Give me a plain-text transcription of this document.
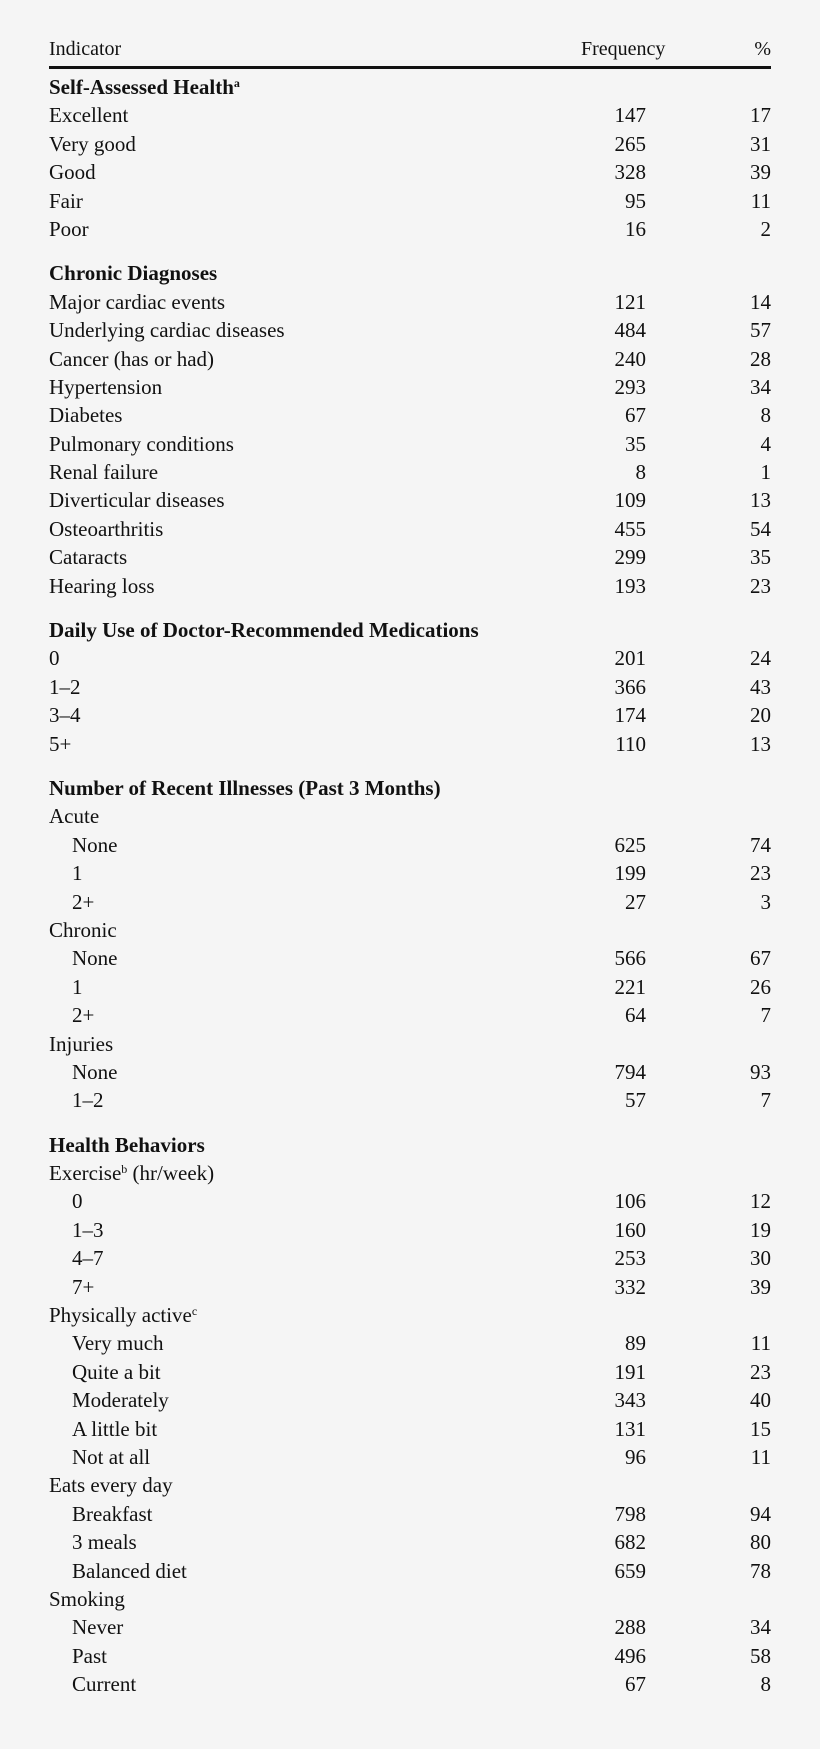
Indicator	Frequency	%
Self-Assessed Health$^a$
Excellent	147	17
Very good	265	31
Good	328	39
Fair	95	11
Poor	16	2
Chronic Diagnoses
Major cardiac events	121	14
Underlying cardiac diseases	484	57
Cancer (has or had)	240	28
Hypertension	293	34
Diabetes	67	8
Pulmonary conditions	35	4
Renal failure	8	1
Diverticular diseases	109	13
Osteoarthritis	455	54
Cataracts	299	35
Hearing loss	193	23
Daily Use of Doctor-Recommended Medications
0	201	24
1–2	366	43
3–4	174	20
5+	110	13
Number of Recent Illnesses (Past 3 Months)
Acute
None	625	74
1	199	23
2+	27	3
Chronic
None	566	67
1	221	26
2+	64	7
Injuries
None	794	93
1–2	57	7
Health Behaviors
Exercise$^b$ (hr/week)
0	106	12
1–3	160	19
4–7	253	30
7+	332	39
Physically active$^c$
Very much	89	11
Quite a bit	191	23
Moderately	343	40
A little bit	131	15
Not at all	96	11
Eats every day
Breakfast	798	94
3 meals	682	80
Balanced diet	659	78
Smoking
Never	288	34
Past	496	58
Current	67	8
